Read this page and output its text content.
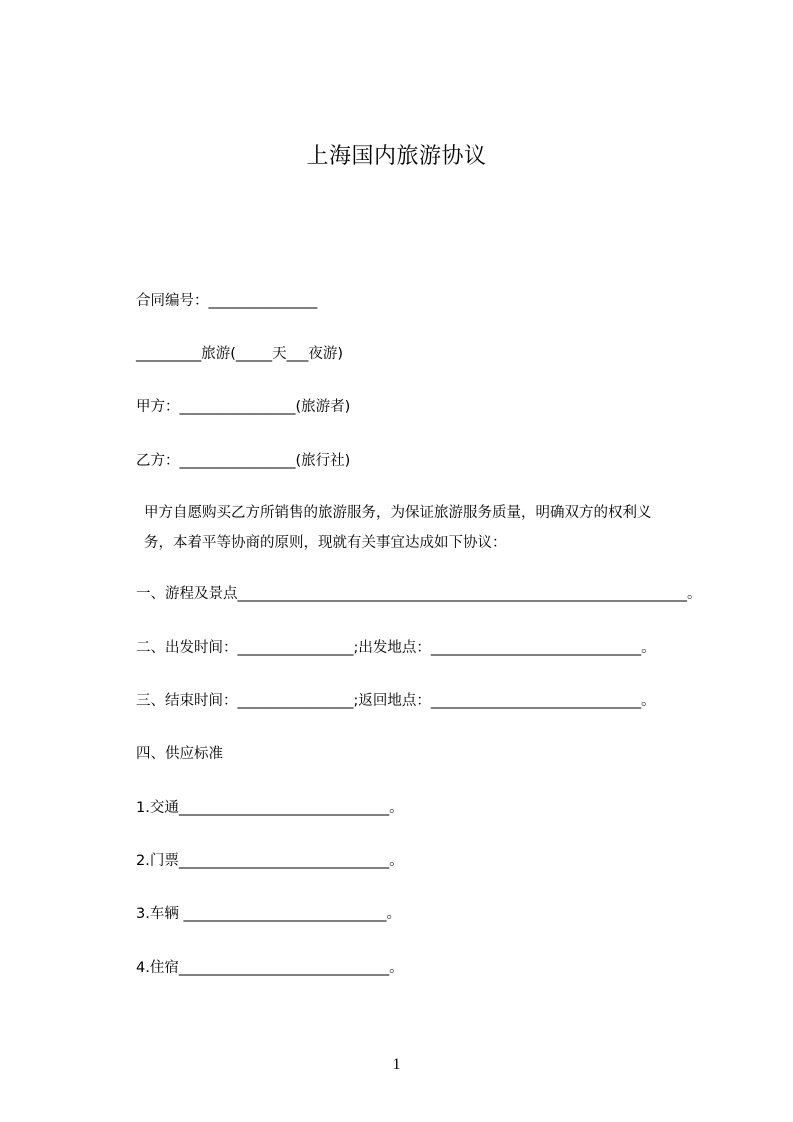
上海国内旅游协议
合同编号：_______________
_________旅游(_____天___夜游)
甲方：________________(旅游者)
乙方：________________(旅行社)
甲方自愿购买乙方所销售的旅游服务，为保证旅游服务质量，明确双方的权利义
务，本着平等协商的原则，现就有关事宜达成如下协议：
一、游程及景点______________________________________________________________。
二、出发时间：________________;出发地点：_____________________________。
三、结束时间：________________;返回地点：_____________________________。
四、供应标准
1.交通_____________________________。
2.门票_____________________________。
3.车辆 ____________________________。
4.住宿_____________________________。
1
